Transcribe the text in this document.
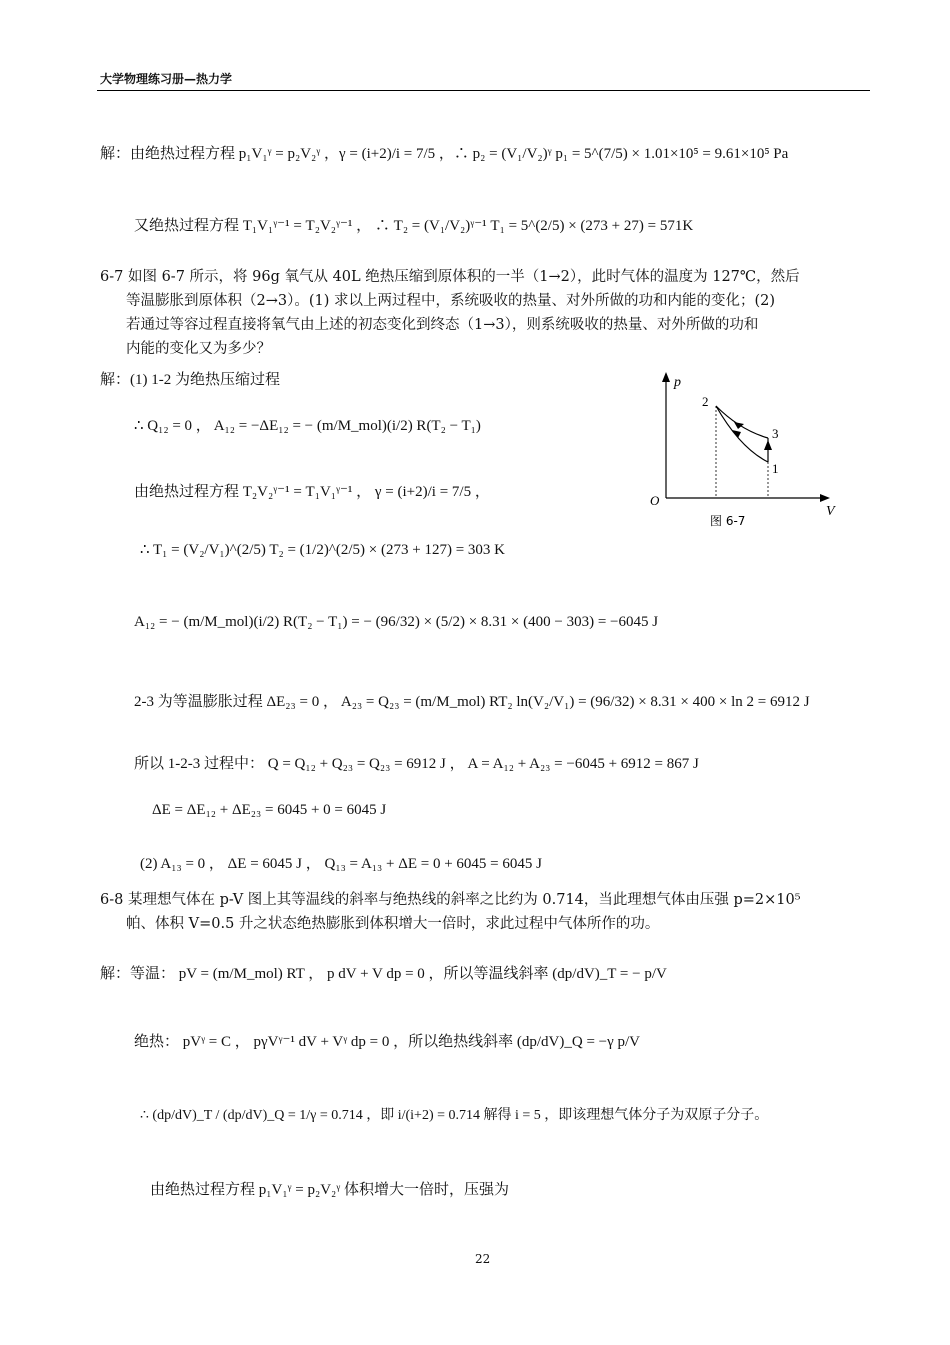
大学物理练习册—热力学
解：由绝热过程方程 p₁V₁ᵞ = p₂V₂ᵞ ，γ = (i+2)/i = 7/5 ，∴ p₂ = (V₁/V₂)ᵞ p₁ = 5^(7/5) × 1.01×10⁵ = 9.61×10⁵ Pa
又绝热过程方程 T₁V₁ᵞ⁻¹ = T₂V₂ᵞ⁻¹ ， ∴ T₂ = (V₁/V₂)ᵞ⁻¹ T₁ = 5^(2/5) × (273 + 27) = 571K
6-7 如图 6-7 所示，将 96g 氧气从 40L 绝热压缩到原体积的一半（1→2），此时气体的温度为 127℃，然后
等温膨胀到原体积（2→3）。(1) 求以上两过程中，系统吸收的热量、对外所做的功和内能的变化；(2)
若通过等容过程直接将氧气由上述的初态变化到终态（1→3），则系统吸收的热量、对外所做的功和
内能的变化又为多少？
解：(1) 1-2 为绝热压缩过程
∴ Q₁₂ = 0 ， A₁₂ = −ΔE₁₂ = − (m/M_mol)(i/2) R(T₂ − T₁)
由绝热过程方程 T₂V₂ᵞ⁻¹ = T₁V₁ᵞ⁻¹ ， γ = (i+2)/i = 7/5 ，
∴ T₁ = (V₂/V₁)^(2/5) T₂ = (1/2)^(2/5) × (273 + 127) = 303 K
A₁₂ = − (m/M_mol)(i/2) R(T₂ − T₁) = − (96/32) × (5/2) × 8.31 × (400 − 303) = −6045 J
2-3 为等温膨胀过程 ΔE₂₃ = 0 ， A₂₃ = Q₂₃ = (m/M_mol) RT₂ ln(V₂/V₁) = (96/32) × 8.31 × 400 × ln 2 = 6912 J
所以 1-2-3 过程中： Q = Q₁₂ + Q₂₃ = Q₂₃ = 6912 J ， A = A₁₂ + A₂₃ = −6045 + 6912 = 867 J
ΔE = ΔE₁₂ + ΔE₂₃ = 6045 + 0 = 6045 J
(2) A₁₃ = 0 ， ΔE = 6045 J ， Q₁₃ = A₁₃ + ΔE = 0 + 6045 = 6045 J
p
V
O
2
3
1
图 6-7
6-8 某理想气体在 p-V 图上其等温线的斜率与绝热线的斜率之比约为 0.714，当此理想气体由压强 p=2×10⁵
帕、体积 V=0.5 升之状态绝热膨胀到体积增大一倍时，求此过程中气体所作的功。
解：等温： pV = (m/M_mol) RT ， p dV + V dp = 0 ，所以等温线斜率 (dp/dV)_T = − p/V
绝热： pVᵞ = C ， pγVᵞ⁻¹ dV + Vᵞ dp = 0 ，所以绝热线斜率 (dp/dV)_Q = −γ p/V
∴ (dp/dV)_T / (dp/dV)_Q = 1/γ = 0.714 ，即 i/(i+2) = 0.714 解得 i = 5 ，即该理想气体分子为双原子分子。
由绝热过程方程 p₁V₁ᵞ = p₂V₂ᵞ 体积增大一倍时，压强为
22
